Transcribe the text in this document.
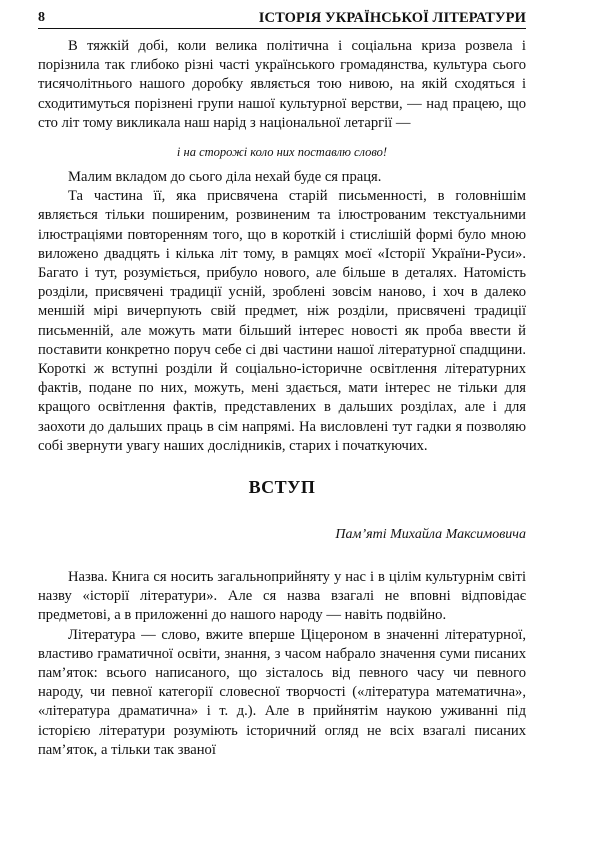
8	ІСТОРІЯ УКРАЇНСЬКОЇ ЛІТЕРАТУРИ

В тяжкій добі, коли велика політична і соціальна криза розвела і порізнила так глибоко різні часті українського громадянства, культура сього тисячолітнього нашого доробку являється тою нивою, на якій сходяться і сходитимуться порізнені групи нашої культурної верстви, — над працею, що сто літ тому викликала наш нарід з національної летаргії —

і на сторожі коло них поставлю слово!

Малим вкладом до сього діла нехай буде ся праця.

Та частина її, яка присвячена старій письменності, в головнішім являється тільки поширеним, розвиненим та ілюстрованим текстуальними ілюстраціями повторенням того, що в короткій і стислішій формі було мною виложено двадцять і кілька літ тому, в рамцях моєї «Історії України-Руси». Багато і тут, розуміється, прибуло нового, але більше в деталях. Натомість розділи, присвячені традиції усній, зроблені зовсім наново, і хоч в далеко меншій мірі вичерпують свій предмет, ніж розділи, присвячені традиції письменній, але можуть мати більший інтерес новості як проба ввести й поставити конкретно поруч себе сі дві частини нашої літературної спадщини. Короткі ж вступні розділи й соціально-історичне освітлення літературних фактів, подане по них, можуть, мені здається, мати інтерес не тільки для кращого освітлення фактів, представлених в дальших розділах, але і для заохоти до дальших праць в сім напрямі. На висловлені тут гадки я позволяю собі звернути увагу наших дослідників, старих і початкуючих.

ВСТУП
Пам’яті Михайла Максимовича

Назва. Книга ся носить загальноприйняту у нас і в цілім культурнім світі назву «історії літератури». Але ся назва взагалі не вповні відповідає предметові, а в приложенні до нашого народу — навіть подвійно.

Література — слово, вжите вперше Ціцероном в значенні літературної, властиво граматичної освіти, знання, з часом набрало значення суми писаних пам’яток: всього написаного, що зісталось від певного часу чи певного народу, чи певної категорії словесної творчості («література математична», «література драматична» і т. д.). Але в прийнятім наукою уживанні під історією літератури розуміють історичний огляд не всіх взагалі писаних пам’яток, а тільки так званої
